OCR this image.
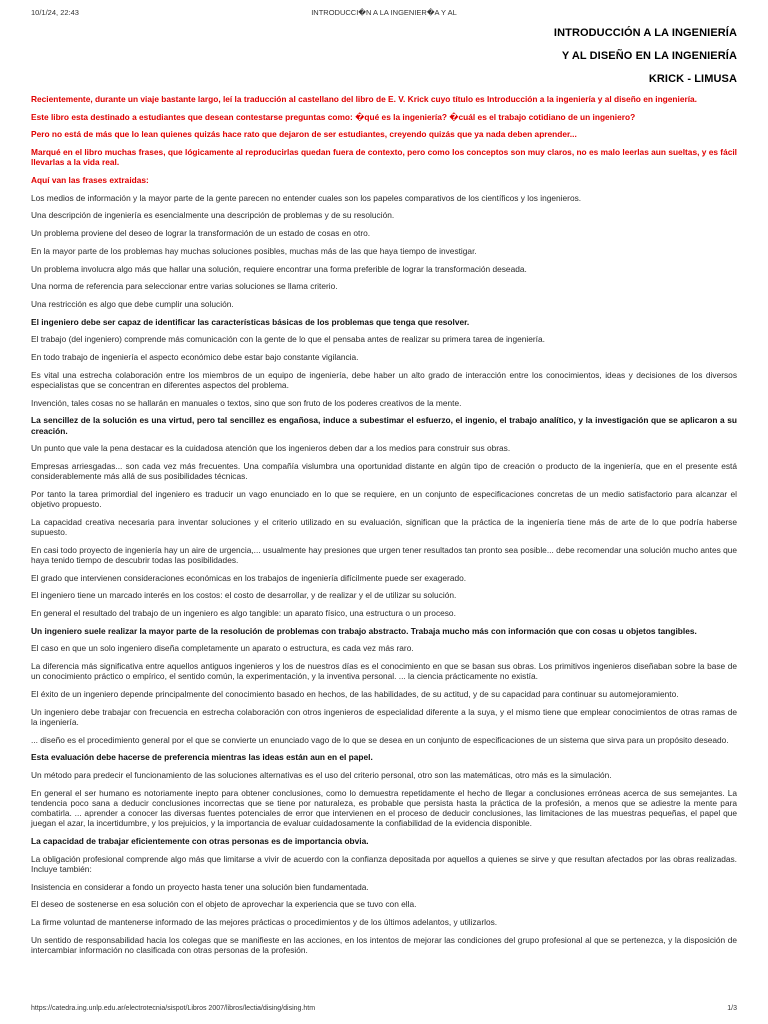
10/1/24, 22:43	INTRODUCCI�N A LA INGENIER�A Y AL
INTRODUCCIÓN A LA INGENIERÍA
Y AL DISEÑO EN LA INGENIERÍA
KRICK - LIMUSA

Recientemente, durante un viaje bastante largo, leí la traducción al castellano del libro de E. V. Krick cuyo título es Introducción a la ingeniería y al diseño en ingeniería.

Este libro esta destinado a estudiantes que desean contestarse preguntas como: �qué es la ingeniería? �cuál es el trabajo cotidiano de un ingeniero?

Pero no está de más que lo lean quienes quizás hace rato que dejaron de ser estudiantes, creyendo quizás que ya nada deben aprender...

Marqué en el libro muchas frases, que lógicamente al reproducirlas quedan fuera de contexto, pero como los conceptos son muy claros, no es malo leerlas aun sueltas, y es fácil llevarlas a la vida real.

Aquí van las frases extraidas:

Los medios de información y la mayor parte de la gente parecen no entender cuales son los papeles comparativos de los científicos y los ingenieros.

Una descripción de ingeniería es esencialmente una descripción de problemas y de su resolución.

Un problema proviene del deseo de lograr la transformación de un estado de cosas en otro.

En la mayor parte de los problemas hay muchas soluciones posibles, muchas más de las que haya tiempo de investigar.

Un problema involucra algo más que hallar una solución, requiere encontrar una forma preferible de lograr la transformación deseada.

Una norma de referencia para seleccionar entre varias soluciones se llama criterio.

Una restricción es algo que debe cumplir una solución.

El ingeniero debe ser capaz de identificar las características básicas de los problemas que tenga que resolver.

El trabajo (del ingeniero) comprende más comunicación con la gente de lo que el pensaba antes de realizar su primera tarea de ingeniería.

En todo trabajo de ingeniería el aspecto económico debe estar bajo constante vigilancia.

Es vital una estrecha colaboración entre los miembros de un equipo de ingeniería, debe haber un alto grado de interacción entre los conocimientos, ideas y decisiones de los diversos especialistas que se concentran en diferentes aspectos del problema.

Invención, tales cosas no se hallarán en manuales o textos, sino que son fruto de los poderes creativos de la mente.

La sencillez de la solución es una virtud, pero tal sencillez es engañosa, induce a subestimar el esfuerzo, el ingenio, el trabajo analítico, y la investigación que se aplicaron a su creación.

Un punto que vale la pena destacar es la cuidadosa atención que los ingenieros deben dar a los medios para construir sus obras.

Empresas arriesgadas... son cada vez más frecuentes. Una compañía vislumbra una oportunidad distante en algún tipo de creación o producto de la ingeniería, que en el presente está considerablemente más allá de sus posibilidades técnicas.

Por tanto la tarea primordial del ingeniero es traducir un vago enunciado en lo que se requiere, en un conjunto de especificaciones concretas de un medio satisfactorio para alcanzar el objetivo propuesto.

La capacidad creativa necesaria para inventar soluciones y el criterio utilizado en su evaluación, significan que la práctica de la ingeniería tiene más de arte de lo que podría haberse supuesto.

En casi todo proyecto de ingeniería hay un aire de urgencia,... usualmente hay presiones que urgen tener resultados tan pronto sea posible... debe recomendar una solución mucho antes que haya tenido tiempo de descubrir todas las posibilidades.

El grado que intervienen consideraciones económicas en los trabajos de ingeniería difícilmente puede ser exagerado.

El ingeniero tiene un marcado interés en los costos: el costo de desarrollar, y de realizar y el de utilizar su solución.

En general el resultado del trabajo de un ingeniero es algo tangible: un aparato físico, una estructura o un proceso.

Un ingeniero suele realizar la mayor parte de la resolución de problemas con trabajo abstracto. Trabaja mucho más con información que con cosas u objetos tangibles.

El caso en que un solo ingeniero diseña completamente un aparato o estructura, es cada vez más raro.

La diferencia más significativa entre aquellos antiguos ingenieros y los de nuestros días es el conocimiento en que se basan sus obras. Los primitivos ingenieros diseñaban sobre la base de un conocimiento práctico o empírico, el sentido común, la experimentación, y la inventiva personal. ... la ciencia prácticamente no existía.

El éxito de un ingeniero depende principalmente del conocimiento basado en hechos, de las habilidades, de su actitud, y de su capacidad para continuar su automejoramiento.

Un ingeniero debe trabajar con frecuencia en estrecha colaboración con otros ingenieros de especialidad diferente a la suya, y el mismo tiene que emplear conocimientos de otras ramas de la ingeniería.

... diseño es el procedimiento general por el que se convierte un enunciado vago de lo que se desea en un conjunto de especificaciones de un sistema que sirva para un propósito deseado.

Esta evaluación debe hacerse de preferencia mientras las ideas están aun en el papel.

Un método para predecir el funcionamiento de las soluciones alternativas es el uso del criterio personal, otro son las matemáticas, otro más es la simulación.

En general el ser humano es notoriamente inepto para obtener conclusiones, como lo demuestra repetidamente el hecho de llegar a conclusiones erróneas acerca de sus semejantes. La tendencia poco sana a deducir conclusiones incorrectas que se tiene por naturaleza, es probable que persista hasta la práctica de la profesión, a menos que se adiestre la mente para combatirla. ... aprender a conocer las diversas fuentes potenciales de error que intervienen en el proceso de deducir conclusiones, las limitaciones de las muestras pequeñas, el papel que juegan el azar, la incertidumbre, y los prejuicios, y la importancia de evaluar cuidadosamente la confiabilidad de la evidencia disponible.

La capacidad de trabajar eficientemente con otras personas es de importancia obvia.

La obligación profesional comprende algo más que limitarse a vivir de acuerdo con la confianza depositada por aquellos a quienes se sirve y que resultan afectados por las obras realizadas. Incluye también:

Insistencia en considerar a fondo un proyecto hasta tener una solución bien fundamentada.

El deseo de sostenerse en esa solución con el objeto de aprovechar la experiencia que se tuvo con ella.

La firme voluntad de mantenerse informado de las mejores prácticas o procedimientos y de los últimos adelantos, y utilizarlos.

Un sentido de responsabilidad hacia los colegas que se manifieste en las acciones, en los intentos de mejorar las condiciones del grupo profesional al que se pertenezca, y la disposición de intercambiar información no clasificada con otras personas de la profesión.

https://catedra.ing.unlp.edu.ar/electrotecnia/sispot/Libros 2007/libros/lectia/dising/dising.htm	1/3
